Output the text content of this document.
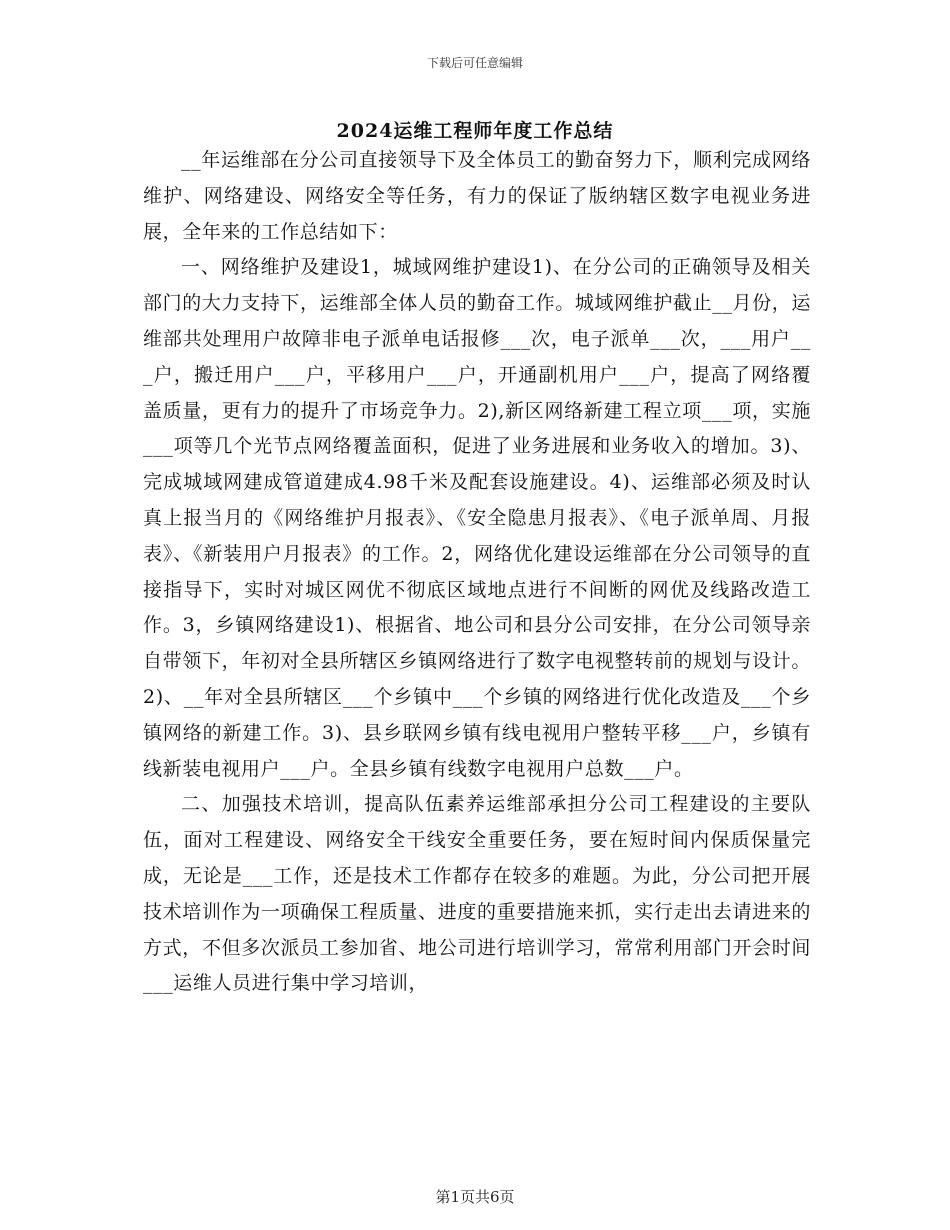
下载后可任意编辑
2024运维工程师年度工作总结

__年运维部在分公司直接领导下及全体员工的勤奋努力下，顺利完成网络维护、网络建设、网络安全等任务，有力的保证了版纳辖区数字电视业务进展，全年来的工作总结如下：

一、网络维护及建设1，城域网维护建设1)、在分公司的正确领导及相关部门的大力支持下，运维部全体人员的勤奋工作。城域网维护截止__月份，运维部共处理用户故障非电子派单电话报修___次，电子派单___次，___用户___户，搬迁用户___户，平移用户___户，开通副机用户___户，提高了网络覆盖质量，更有力的提升了市场竞争力。2),新区网络新建工程立项___项，实施___项等几个光节点网络覆盖面积，促进了业务进展和业务收入的增加。3)、完成城域网建成管道建成4.98千米及配套设施建设。4)、运维部必须及时认真上报当月的《网络维护月报表》、《安全隐患月报表》、《电子派单周、月报表》、《新装用户月报表》的工作。2，网络优化建设运维部在分公司领导的直接指导下，实时对城区网优不彻底区域地点进行不间断的网优及线路改造工作。3，乡镇网络建设1)、根据省、地公司和县分公司安排，在分公司领导亲自带领下，年初对全县所辖区乡镇网络进行了数字电视整转前的规划与设计。2)、__年对全县所辖区___个乡镇中___个乡镇的网络进行优化改造及___个乡镇网络的新建工作。3)、县乡联网乡镇有线电视用户整转平移___户，乡镇有线新装电视用户___户。全县乡镇有线数字电视用户总数___户。

二、加强技术培训，提高队伍素养运维部承担分公司工程建设的主要队伍，面对工程建设、网络安全干线安全重要任务，要在短时间内保质保量完成，无论是___工作，还是技术工作都存在较多的难题。为此，分公司把开展技术培训作为一项确保工程质量、进度的重要措施来抓，实行走出去请进来的方式，不但多次派员工参加省、地公司进行培训学习，常常利用部门开会时间___运维人员进行集中学习培训，

第1页共6页
